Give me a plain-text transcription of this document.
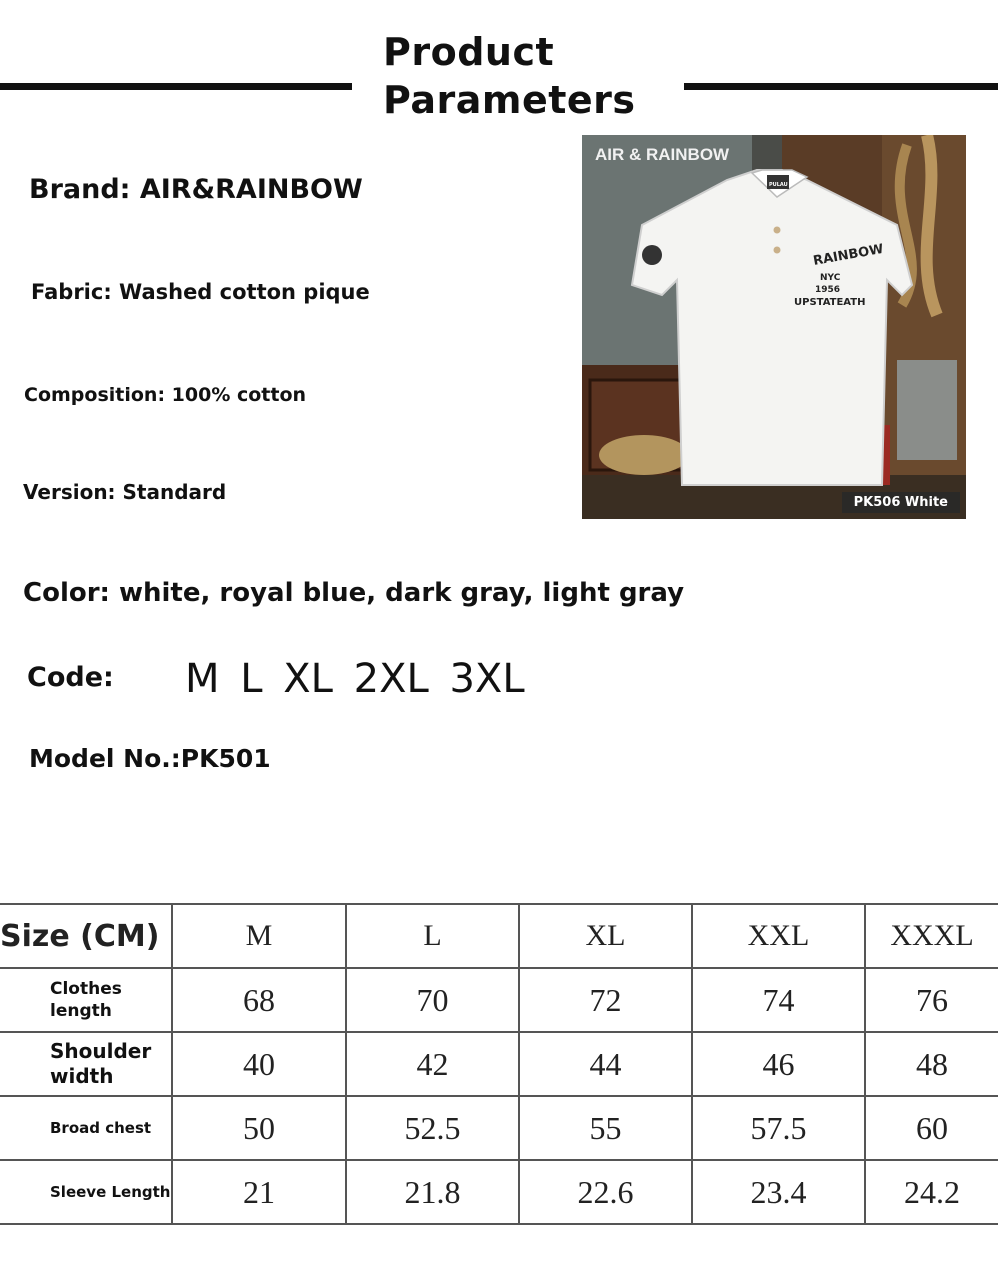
Product
Parameters
Brand: AIR&RAINBOW
Fabric: Washed cotton pique
Composition: 100% cotton
Version: Standard
Color: white, royal blue, dark gray, light gray
Code: M L XL 2XL 3XL
Model No.:PK501
RAINBOW
NYC
1956
UPSTATEATH
PULAU
AIR & RAINBOW
PK506 White
Size (CM)	M	L	XL	XXL	XXXL
Clothes length	68	70	72	74	76
Shoulder width	40	42	44	46	48
Broad chest	50	52.5	55	57.5	60
Sleeve Length	21	21.8	22.6	23.4	24.2
